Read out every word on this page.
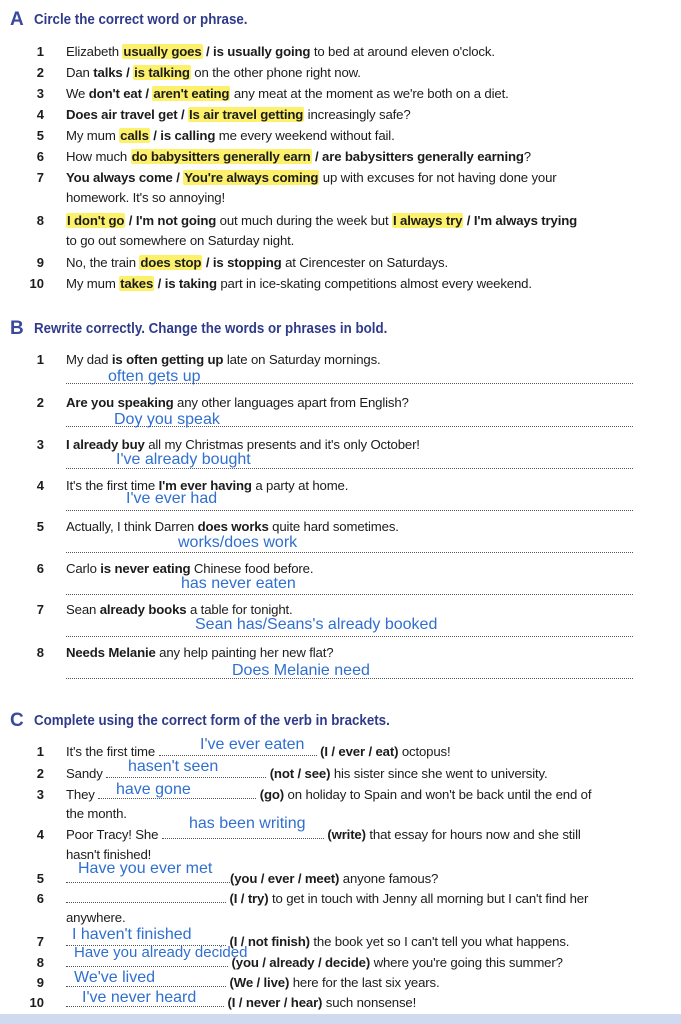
A Circle the correct word or phrase.
1 Elizabeth usually goes / is usually going to bed at around eleven o'clock.
2 Dan talks / is talking on the other phone right now.
3 We don't eat / aren't eating any meat at the moment as we're both on a diet.
4 Does air travel get / Is air travel getting increasingly safe?
5 My mum calls / is calling me every weekend without fail.
6 How much do babysitters generally earn / are babysitters generally earning?
7 You always come / You're always coming up with excuses for not having done your
homework. It's so annoying!
8 I don't go / I'm not going out much during the week but I always try / I'm always trying
to go out somewhere on Saturday night.
9 No, the train does stop / is stopping at Cirencester on Saturdays.
10 My mum takes / is taking part in ice-skating competitions almost every weekend.
B Rewrite correctly. Change the words or phrases in bold.
1 My dad is often getting up late on Saturday mornings.
often gets up
2 Are you speaking any other languages apart from English?
Doy you speak
3 I already buy all my Christmas presents and it's only October!
I've already bought
4 It's the first time I'm ever having a party at home.
I've ever had
5 Actually, I think Darren does works quite hard sometimes.
works/does work
6 Carlo is never eating Chinese food before.
has never eaten
7 Sean already books a table for tonight.
Sean has/Seans's already booked
8 Needs Melanie any help painting her new flat?
Does Melanie need
C Complete using the correct form of the verb in brackets.
1 It's the first time	(I / ever / eat) octopus!
I've ever eaten
2 Sandy	(not / see) his sister since she went to university.
hasen't seen
3 They	(go) on holiday to Spain and won't be back until the end of
the month.
have gone
4 Poor Tracy! She	(write) that essay for hours now and she still
hasn't finished!
has been writing
5	(you / ever / meet) anyone famous?
Have you ever met
6	(I / try) to get in touch with Jenny all morning but I can't find her
anywhere.
7	(I / not finish) the book yet so I can't tell you what happens.
I haven't finished
8	(you / already / decide) where you're going this summer?
Have you already decided
9	(We / live) here for the last six years.
We've lived
10	(I / never / hear) such nonsense!
I've never heard
